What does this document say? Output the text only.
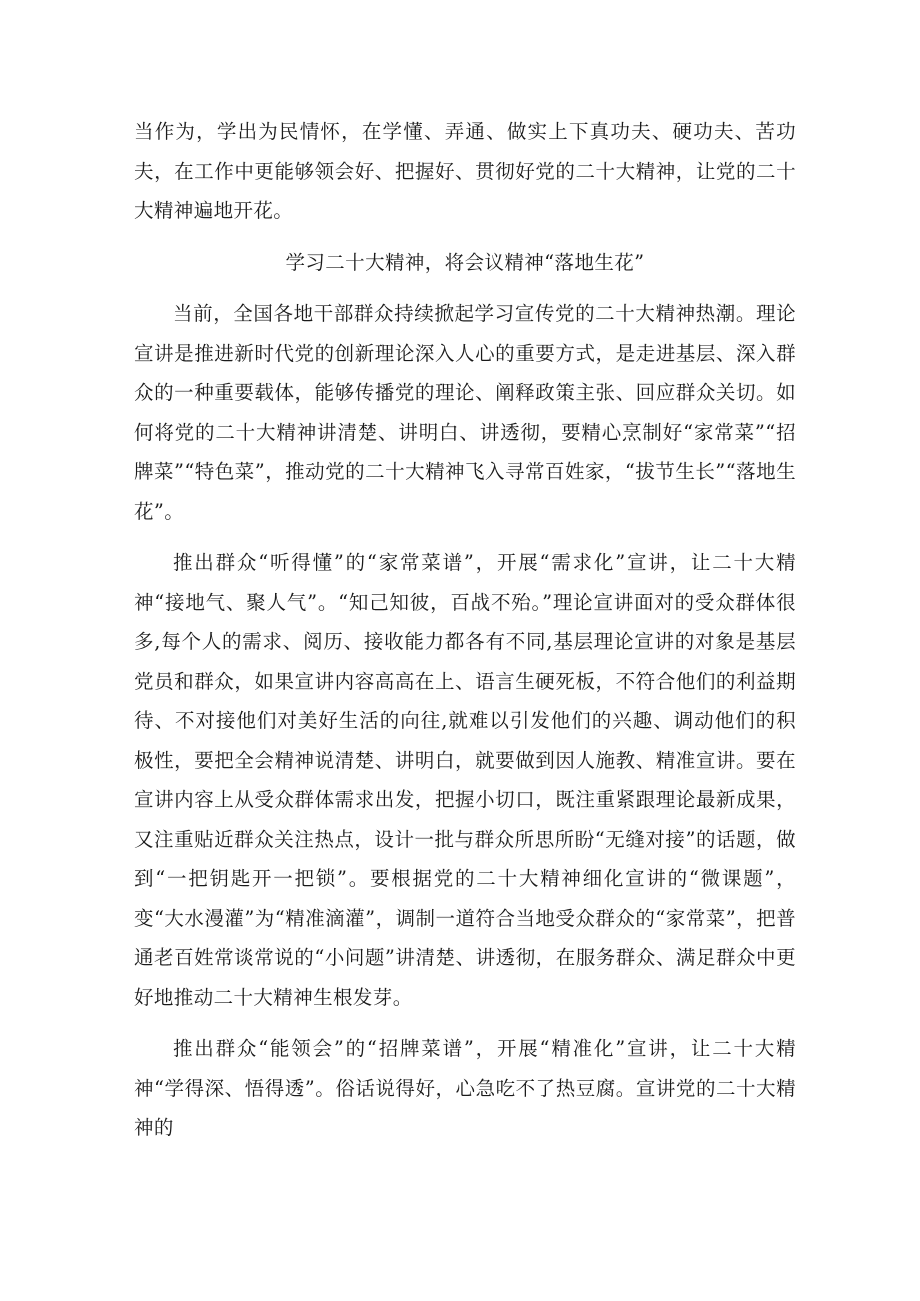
当作为，学出为民情怀，在学懂、弄通、做实上下真功夫、硬功夫、苦功夫，在工作中更能够领会好、把握好、贯彻好党的二十大精神，让党的二十大精神遍地开花。

学习二十大精神，将会议精神“落地生花”

当前，全国各地干部群众持续掀起学习宣传党的二十大精神热潮。理论宣讲是推进新时代党的创新理论深入人心的重要方式，是走进基层、深入群众的一种重要载体，能够传播党的理论、阐释政策主张、回应群众关切。如何将党的二十大精神讲清楚、讲明白、讲透彻，要精心烹制好“家常菜”“招牌菜”“特色菜”，推动党的二十大精神飞入寻常百姓家，“拔节生长”“落地生花”。

推出群众“听得懂”的“家常菜谱”，开展“需求化”宣讲，让二十大精神“接地气、聚人气”。“知己知彼，百战不殆。”理论宣讲面对的受众群体很多,每个人的需求、阅历、接收能力都各有不同,基层理论宣讲的对象是基层党员和群众，如果宣讲内容高高在上、语言生硬死板，不符合他们的利益期待、不对接他们对美好生活的向往,就难以引发他们的兴趣、调动他们的积极性，要把全会精神说清楚、讲明白，就要做到因人施教、精准宣讲。要在宣讲内容上从受众群体需求出发，把握小切口，既注重紧跟理论最新成果，又注重贴近群众关注热点，设计一批与群众所思所盼“无缝对接”的话题，做到“一把钥匙开一把锁”。要根据党的二十大精神细化宣讲的“微课题”，变“大水漫灌”为“精准滴灌”，调制一道符合当地受众群众的“家常菜”，把普通老百姓常谈常说的“小问题”讲清楚、讲透彻，在服务群众、满足群众中更好地推动二十大精神生根发芽。

推出群众“能领会”的“招牌菜谱”，开展“精准化”宣讲，让二十大精神“学得深、悟得透”。俗话说得好，心急吃不了热豆腐。宣讲党的二十大精神的
